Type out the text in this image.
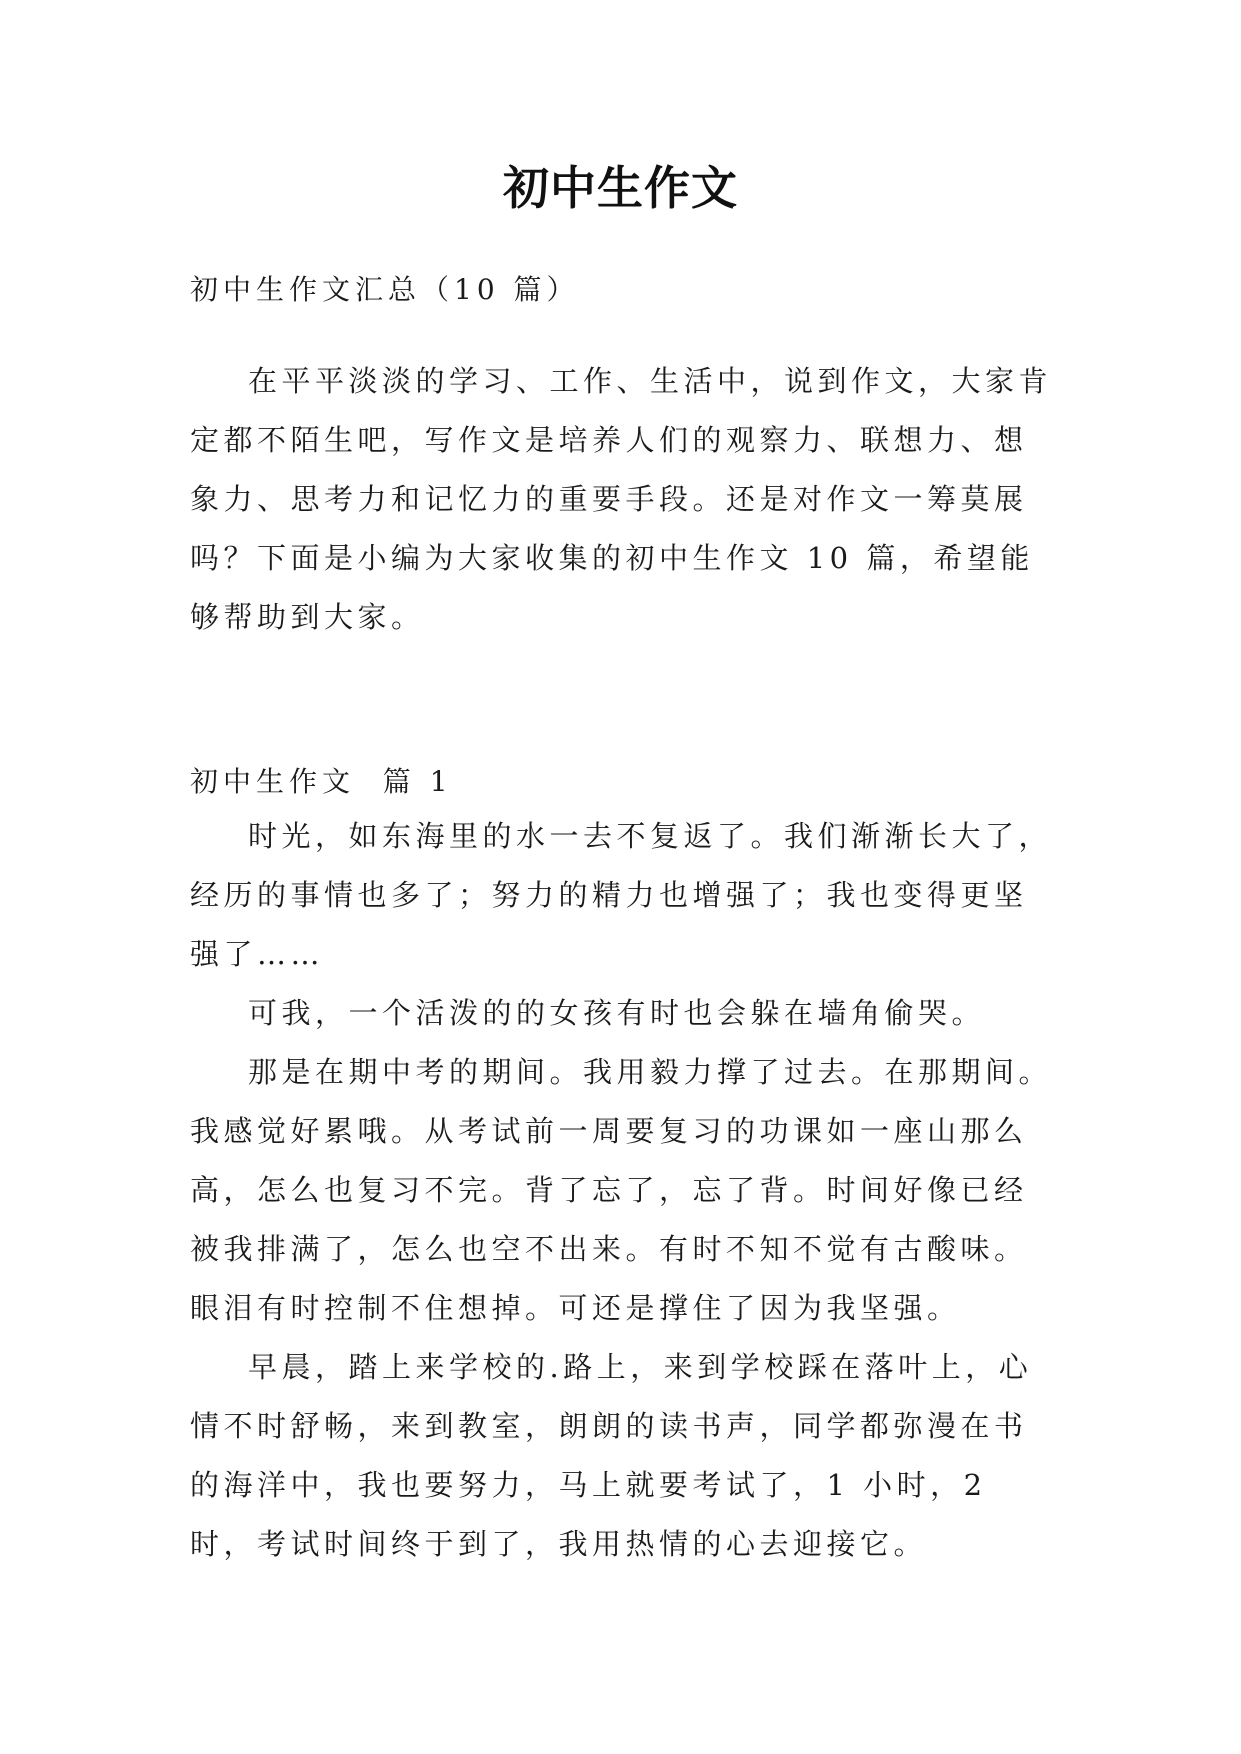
初中生作文
初中生作文汇总（10 篇）

在平平淡淡的学习、工作、生活中，说到作文，大家肯定都不陌生吧，写作文是培养人们的观察力、联想力、想象力、思考力和记忆力的重要手段。还是对作文一筹莫展吗？下面是小编为大家收集的初中生作文 10 篇，希望能够帮助到大家。

初中生作文  篇 1

时光，如东海里的水一去不复返了。我们渐渐长大了，经历的事情也多了；努力的精力也增强了；我也变得更坚强了……

可我，一个活泼的的女孩有时也会躲在墙角偷哭。

那是在期中考的期间。我用毅力撑了过去。在那期间。我感觉好累哦。从考试前一周要复习的功课如一座山那么高，怎么也复习不完。背了忘了，忘了背。时间好像已经被我排满了，怎么也空不出来。有时不知不觉有古酸味。眼泪有时控制不住想掉。可还是撑住了因为我坚强。

早晨，踏上来学校的.路上，来到学校踩在落叶上，心情不时舒畅，来到教室，朗朗的读书声，同学都弥漫在书的海洋中，我也要努力，马上就要考试了，1 小时，2 时，考试时间终于到了，我用热情的心去迎接它。
